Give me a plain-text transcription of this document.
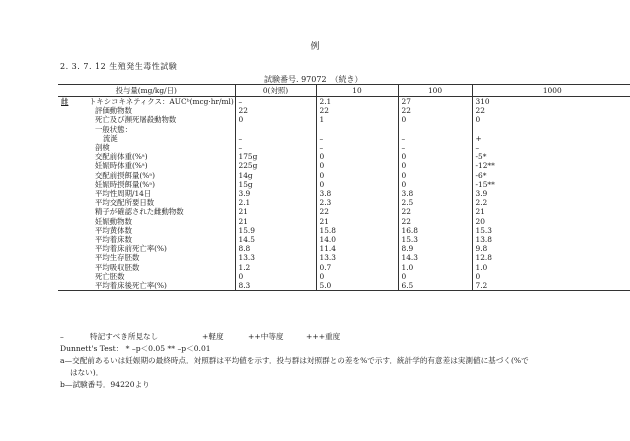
例
2. 3. 7. 12 生殖発生毒性試験
試験番号. 97072 （続き）
投与量(mg/kg/日)	0(対照)	10	100	1000
雌 トキシコキネティクス：AUCᵇ(mcg·hr/ml)	–	2.1	27	310
評価動物数	22	22	22	22
死亡及び瀕死屠殺動物数	0	1	0	0
一般状態：				
流涎	–	–	–	+
剖検	–	–	–	–
交配前体重(%ᵃ)	175g	0	0	-5*
妊娠時体重(%ᵃ)	225g	0	0	-12**
交配前摂餌量(%ᵃ)	14g	0	0	-6*
妊娠時摂餌量(%ᵃ)	15g	0	0	-15**
平均性周期/14日	3.9	3.8	3.8	3.9
平均交配所要日数	2.1	2.3	2.5	2.2
精子が確認された雌動物数	21	22	22	21
妊娠動物数	21	21	22	20
平均黄体数	15.9	15.8	16.8	15.3
平均着床数	14.5	14.0	15.3	13.8
平均着床前死亡率(%)	8.8	11.4	8.9	9.8
平均生存胚数	13.3	13.3	14.3	12.8
平均吸収胚数	1.2	0.7	1.0	1.0
死亡胚数	0	0	0	0
平均着床後死亡率(%)	8.3	5.0	6.5	7.2
–	特記すべき所見なし	+軽度	++中等度	+++重度
Dunnett's Test： * –p＜0.05 ** –p＜0.01
a—交配前あるいは妊娠期の最終時点．対照群は平均値を示す．投与群は対照群との差を%で示す．統計学的有意差は実測値に基づく(%で
はない)．
b—試験番号．94220より
